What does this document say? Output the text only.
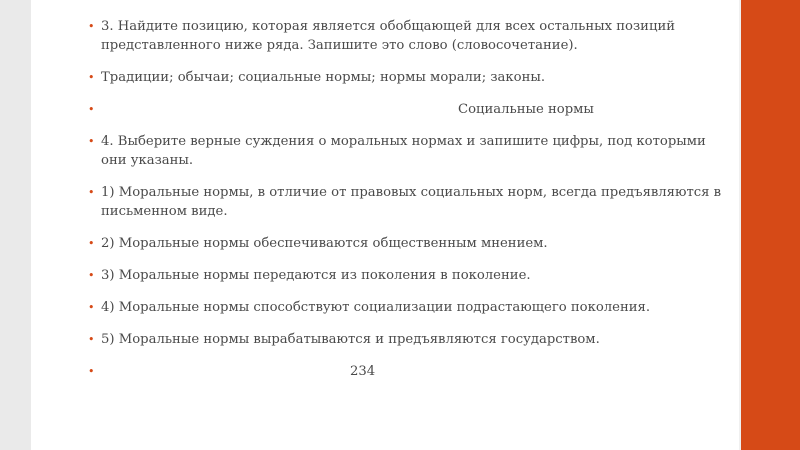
• 3. Найдите позицию, которая является обобщающей для всех остальных позиций представленного ниже ряда. Запишите это слово (словосочетание).
• Традиции; обычаи; социальные нормы; нормы морали; законы.
•	Социальные нормы
• 4. Выберите верные суждения о моральных нормах и запишите цифры, под которыми они указаны.
• 1) Моральные нормы, в отличие от правовых социальных норм, всегда предъявляются в письменном виде.
• 2) Моральные нормы обеспечиваются общественным мнением.
• 3) Моральные нормы передаются из поколения в поколение.
• 4) Моральные нормы способствуют социализации подрастающего поколения.
• 5) Моральные нормы вырабатываются и предъявляются государством.
•	234
